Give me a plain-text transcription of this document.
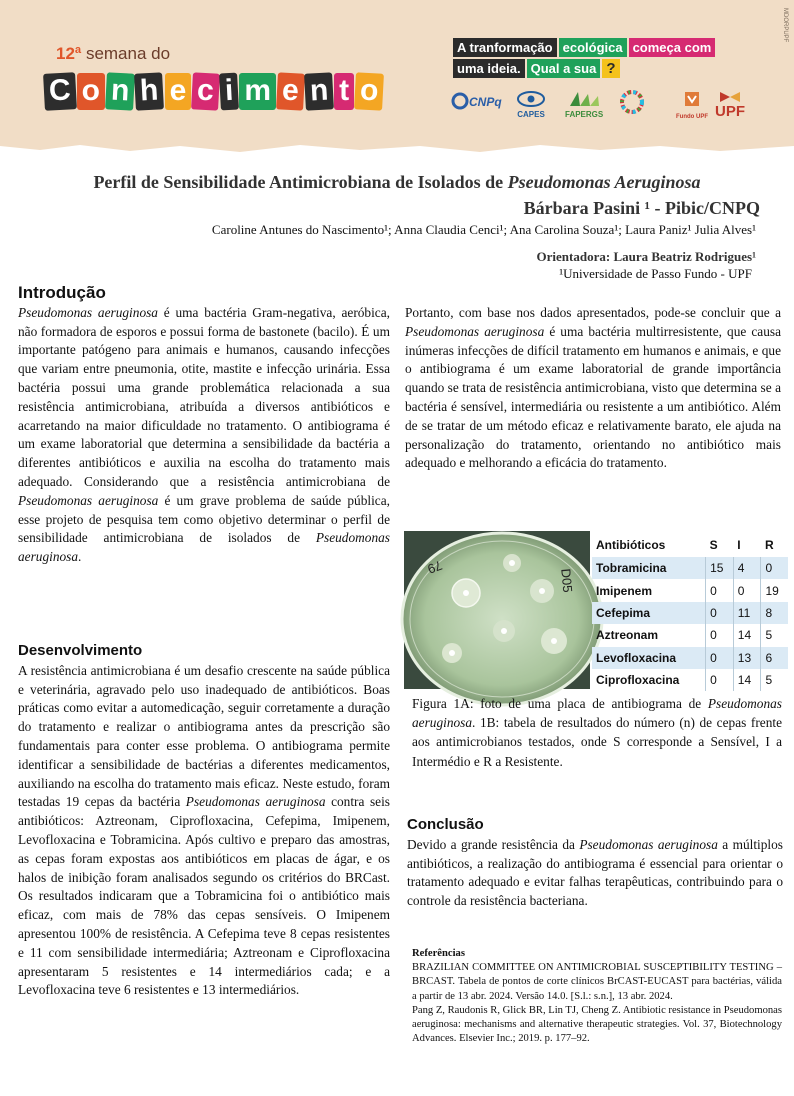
MDORPUPF
12ª semana do
C o n h e c i m e n t o
A tranformação ecológica começa com
uma ideia. Qual a sua ?
CNPq
CAPES	FAPERGS	Fundo UPF UPF
Perfil de Sensibilidade Antimicrobiana de Isolados de Pseudomonas Aeruginosa
Bárbara Pasini ¹ - Pibic/CNPQ
Caroline Antunes do Nascimento¹; Anna Claudia Cenci¹; Ana Carolina Souza¹; Laura Paniz¹ Julia Alves¹
Orientadora: Laura Beatriz Rodrigues¹
¹Universidade de Passo Fundo - UPF
Introdução

Pseudomonas aeruginosa é uma bactéria Gram-negativa, aeróbica, não formadora de esporos e possui forma de bastonete (bacilo). É um importante patógeno para animais e humanos, causando infecções que variam entre pneumonia, otite, mastite e infecção urinária. Essa bactéria possui uma grande problemática relacionada a sua resistência antimicrobiana, atribuída a diversos antibióticos e acarretando na maior dificuldade no tratamento. O antibiograma é um exame laboratorial que determina a sensibilidade da bactéria a diferentes antibióticos e auxilia na escolha do tratamento mais adequado. Considerando que a resistência antimicrobiana de Pseudomonas aeruginosa é um grave problema de saúde pública, esse projeto de pesquisa tem como objetivo determinar o perfil de sensibilidade antimicrobiana de isolados de Pseudomonas aeruginosa.

Desenvolvimento

A resistência antimicrobiana é um desafio crescente na saúde pública e veterinária, agravado pelo uso inadequado de antibióticos. Boas práticas como evitar a automedicação, seguir corretamente a duração do tratamento e realizar o antibiograma antes da prescrição são fundamentais para conter esse problema. O antibiograma permite identificar a sensibilidade de bactérias a diferentes medicamentos, auxiliando na escolha do tratamento mais eficaz. Neste estudo, foram testadas 19 cepas da bactéria Pseudomonas aeruginosa contra seis antibióticos: Aztreonam, Ciprofloxacina, Cefepima, Imipenem, Levofloxacina e Tobramicina. Após cultivo e preparo das amostras, as cepas foram expostas aos antibióticos em placas de ágar, e os halos de inibição foram analisados segundo os critérios do BRCast. Os resultados indicaram que a Tobramicina foi o antibiótico mais eficaz, com mais de 78% das cepas sensíveis. O Imipenem apresentou 100% de resistência. A Cefepima teve 8 cepas resistentes e 11 com sensibilidade intermediária; Aztreonam e Ciprofloxacina apresentaram 5 resistentes e 14 intermediários cada; e a Levofloxacina teve 6 resistentes e 13 intermediários.

Portanto, com base nos dados apresentados, pode-se concluir que a Pseudomonas aeruginosa é uma bactéria multirresistente, que causa inúmeras infecções de difícil tratamento em humanos e animais, e que o antibiograma é um exame laboratorial de grande importância quando se trata de resistência antimicrobiana, visto que determina se a bactéria é sensível, intermediária ou resistente a um antibiótico. Além de se tratar de um método eficaz e relativamente barato, ele ajuda na personalização do tratamento, orientando no antibiótico mais adequado e melhorando a eficácia do tratamento.

79
D05
Antibióticos	S	I	R
Tobramicina	15	4	0
Imipenem	0	0	19
Cefepima	0	11	8
Aztreonam	0	14	5
Levofloxacina	0	13	6
Ciprofloxacina	0	14	5
Figura 1A: foto de uma placa de antibiograma de Pseudomonas aeruginosa. 1B: tabela de resultados do número (n) de cepas frente aos antimicrobianos testados, onde S corresponde a Sensível, I a Intermédio e R a Resistente.
Conclusão

Devido a grande resistência da Pseudomonas aeruginosa a múltiplos antibióticos, a realização do antibiograma é essencial para orientar o tratamento adequado e evitar falhas terapêuticas, contribuindo para o controle da resistência bacteriana.

Referências

BRAZILIAN COMMITTEE ON ANTIMICROBIAL SUSCEPTIBILITY TESTING – BRCAST. Tabela de pontos de corte clínicos BrCAST-EUCAST para bactérias, válida a partir de 13 abr. 2024. Versão 14.0. [S.l.: s.n.], 13 abr. 2024.

Pang Z, Raudonis R, Glick BR, Lin TJ, Cheng Z. Antibiotic resistance in Pseudomonas aeruginosa: mechanisms and alternative therapeutic strategies. Vol. 37, Biotechnology Advances. Elsevier Inc.; 2019. p. 177–92.
